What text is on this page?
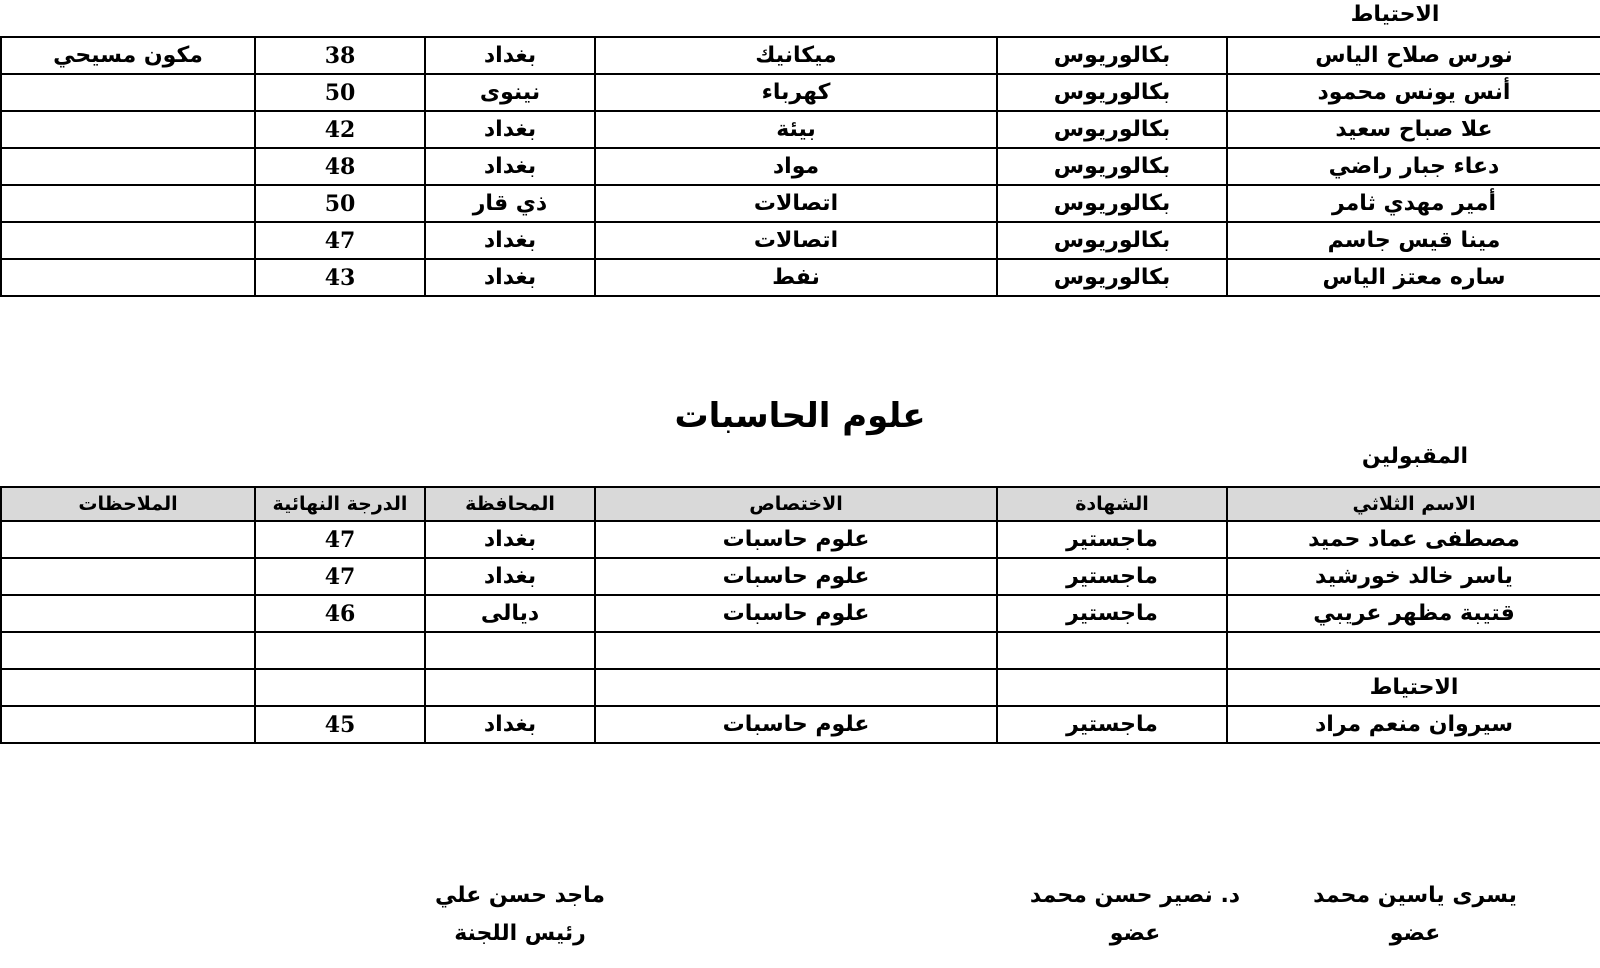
الاحتياط
نورس صلاح الياس	بكالوريوس	ميكانيك	بغداد	38	مكون مسيحي
أنس يونس محمود	بكالوريوس	كهرباء	نينوى	50	
علا صباح سعيد	بكالوريوس	بيئة	بغداد	42	
دعاء جبار راضي	بكالوريوس	مواد	بغداد	48	
أمير مهدي ثامر	بكالوريوس	اتصالات	ذي قار	50	
مينا قيس جاسم	بكالوريوس	اتصالات	بغداد	47	
ساره معتز الياس	بكالوريوس	نفط	بغداد	43	
علوم الحاسبات
المقبولين
الاسم الثلاثي	الشهادة	الاختصاص	المحافظة	الدرجة النهائية	الملاحظات
مصطفى عماد حميد	ماجستير	علوم حاسبات	بغداد	47	
ياسر خالد خورشيد	ماجستير	علوم حاسبات	بغداد	47	
قتيبة مظهر عريبي	ماجستير	علوم حاسبات	ديالى	46	

الاحتياط					
سيروان منعم مراد	ماجستير	علوم حاسبات	بغداد	45	
يسرى ياسين محمد
عضو
د. نصير حسن محمد
عضو
ماجد حسن علي
رئيس اللجنة
